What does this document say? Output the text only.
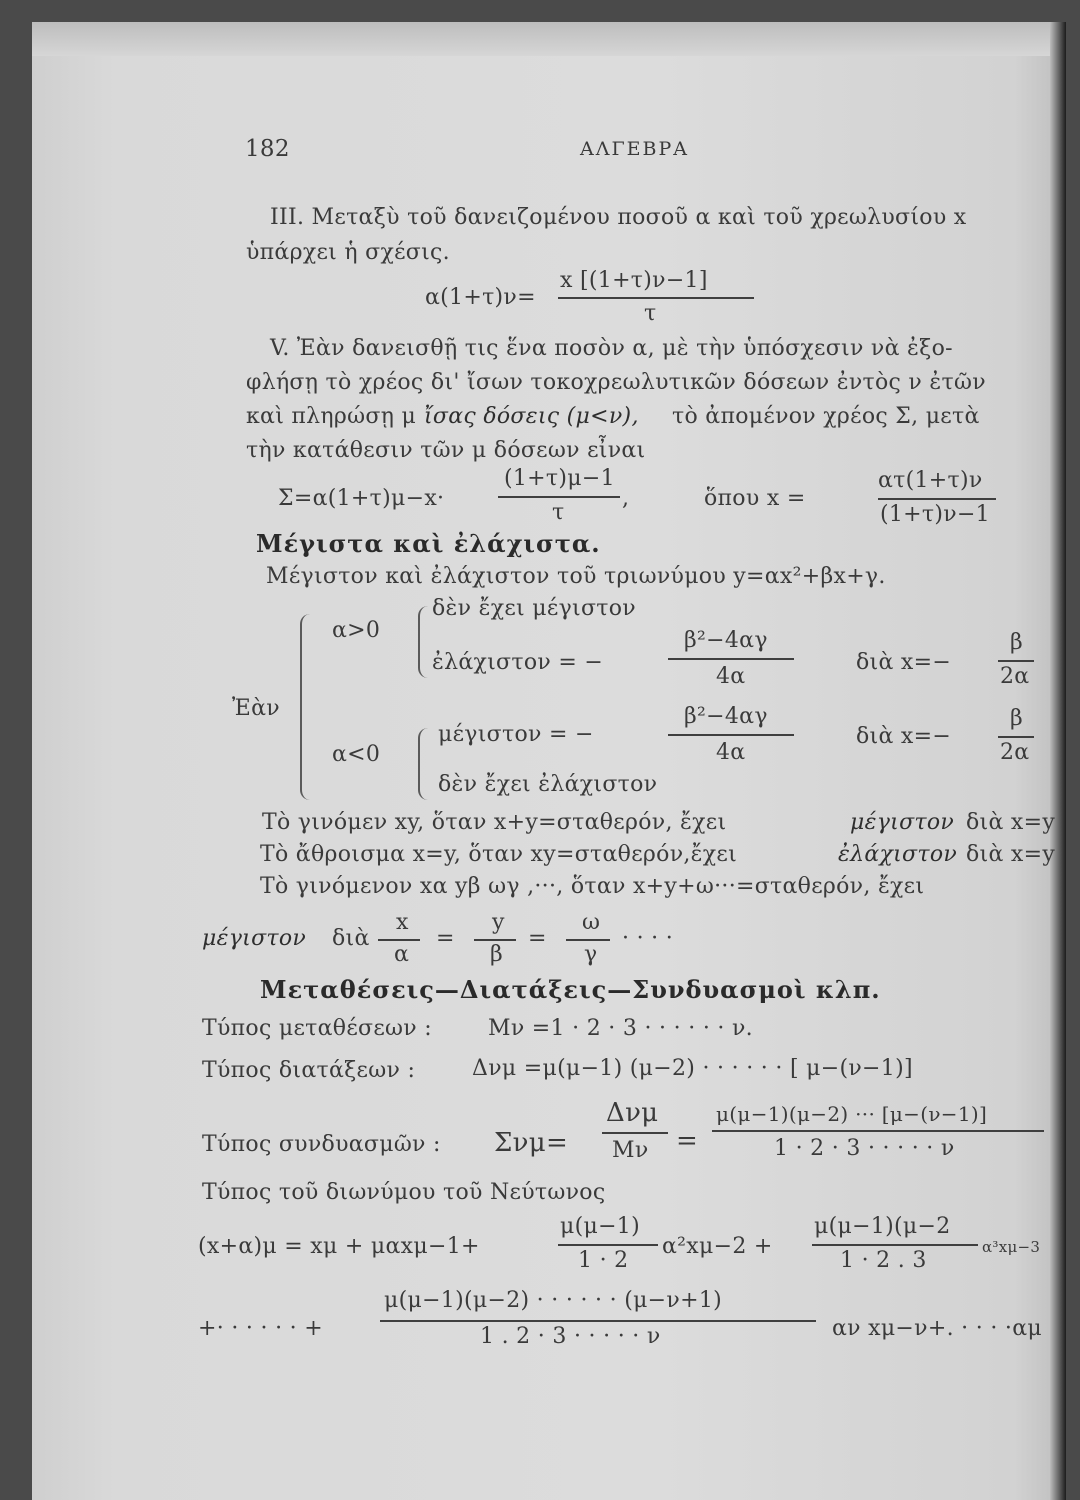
182	ΑΛΓΕΒΡΑ
III. Μεταξὺ τοῦ δανειζομένου ποσοῦ α καὶ τοῦ χρεωλυσίου x
ὑπάρχει ἡ σχέσις.
α(1+τ)ν=
x [(1+τ)ν−1]
τ
V. Ἐὰν δανεισθῇ τις ἕνα ποσὸν α, μὲ τὴν ὑπόσχεσιν νὰ ἐξο-
φλήσῃ τὸ χρέος δι' ἴσων τοκοχρεωλυτικῶν δόσεων ἐντὸς ν ἐτῶν
καὶ πληρώσῃ μ ἴσας δόσεις (μ<ν), τὸ ἀπομένον χρέος Σ, μετὰ
τὴν κατάθεσιν τῶν μ δόσεων εἶναι
Σ=α(1+τ)μ−x·
(1+τ)μ−1
τ
,	ὅπου x =
ατ(1+τ)ν
(1+τ)ν−1
Μέγιστα καὶ ἐλάχιστα.
Μέγιστον καὶ ἐλάχιστον τοῦ τριωνύμου y=αx²+βx+γ.
Ἐὰν
α>0
δὲν ἔχει μέγιστον
ἐλάχιστον = −
β²−4αγ
4α
διὰ x=−
β
2α
α<0
μέγιστον = −
β²−4αγ
4α
διὰ x=−
β
2α
δὲν ἔχει ἐλάχιστον
Τὸ γινόμεν xy, ὅταν x+y=σταθερόν, ἔχει	μέγιστον διὰ x=y
Τὸ ἄθροισμα x=y, ὅταν xy=σταθερόν,ἔχει	ἐλάχιστον διὰ x=y
Τὸ γινόμενον xα yβ ωγ ,···, ὅταν x+y+ω···=σταθερόν, ἔχει
μέγιστον διὰ
x
α
=
y
β
=
ω
γ
· · · ·
Μεταθέσεις—Διατάξεις—Συνδυασμοὶ κλπ.
Τύπος μεταθέσεων :	Mν =1 · 2 · 3 · · · · · · ν.
Τύπος διατάξεων :	Δνμ =μ(μ−1) (μ−2) · · · · · · [ μ−(ν−1)]
Τύπος συνδυασμῶν : Σνμ=
Δνμ
Mν =
μ(μ−1)(μ−2) ··· [μ−(ν−1)]
1 · 2 · 3 · · · · · ν
Τύπος τοῦ διωνύμου τοῦ Νεύτωνος
(x+α)μ = xμ + μαxμ−1+
μ(μ−1)
1 · 2
α²xμ−2 +
μ(μ−1)(μ−2
1 · 2 . 3
α³xμ−3
+· · · · · · +
μ(μ−1)(μ−2) · · · · · · (μ−ν+1)
1 . 2 · 3 · · · · · ν	αν xμ−ν+. · · · ·αμ
